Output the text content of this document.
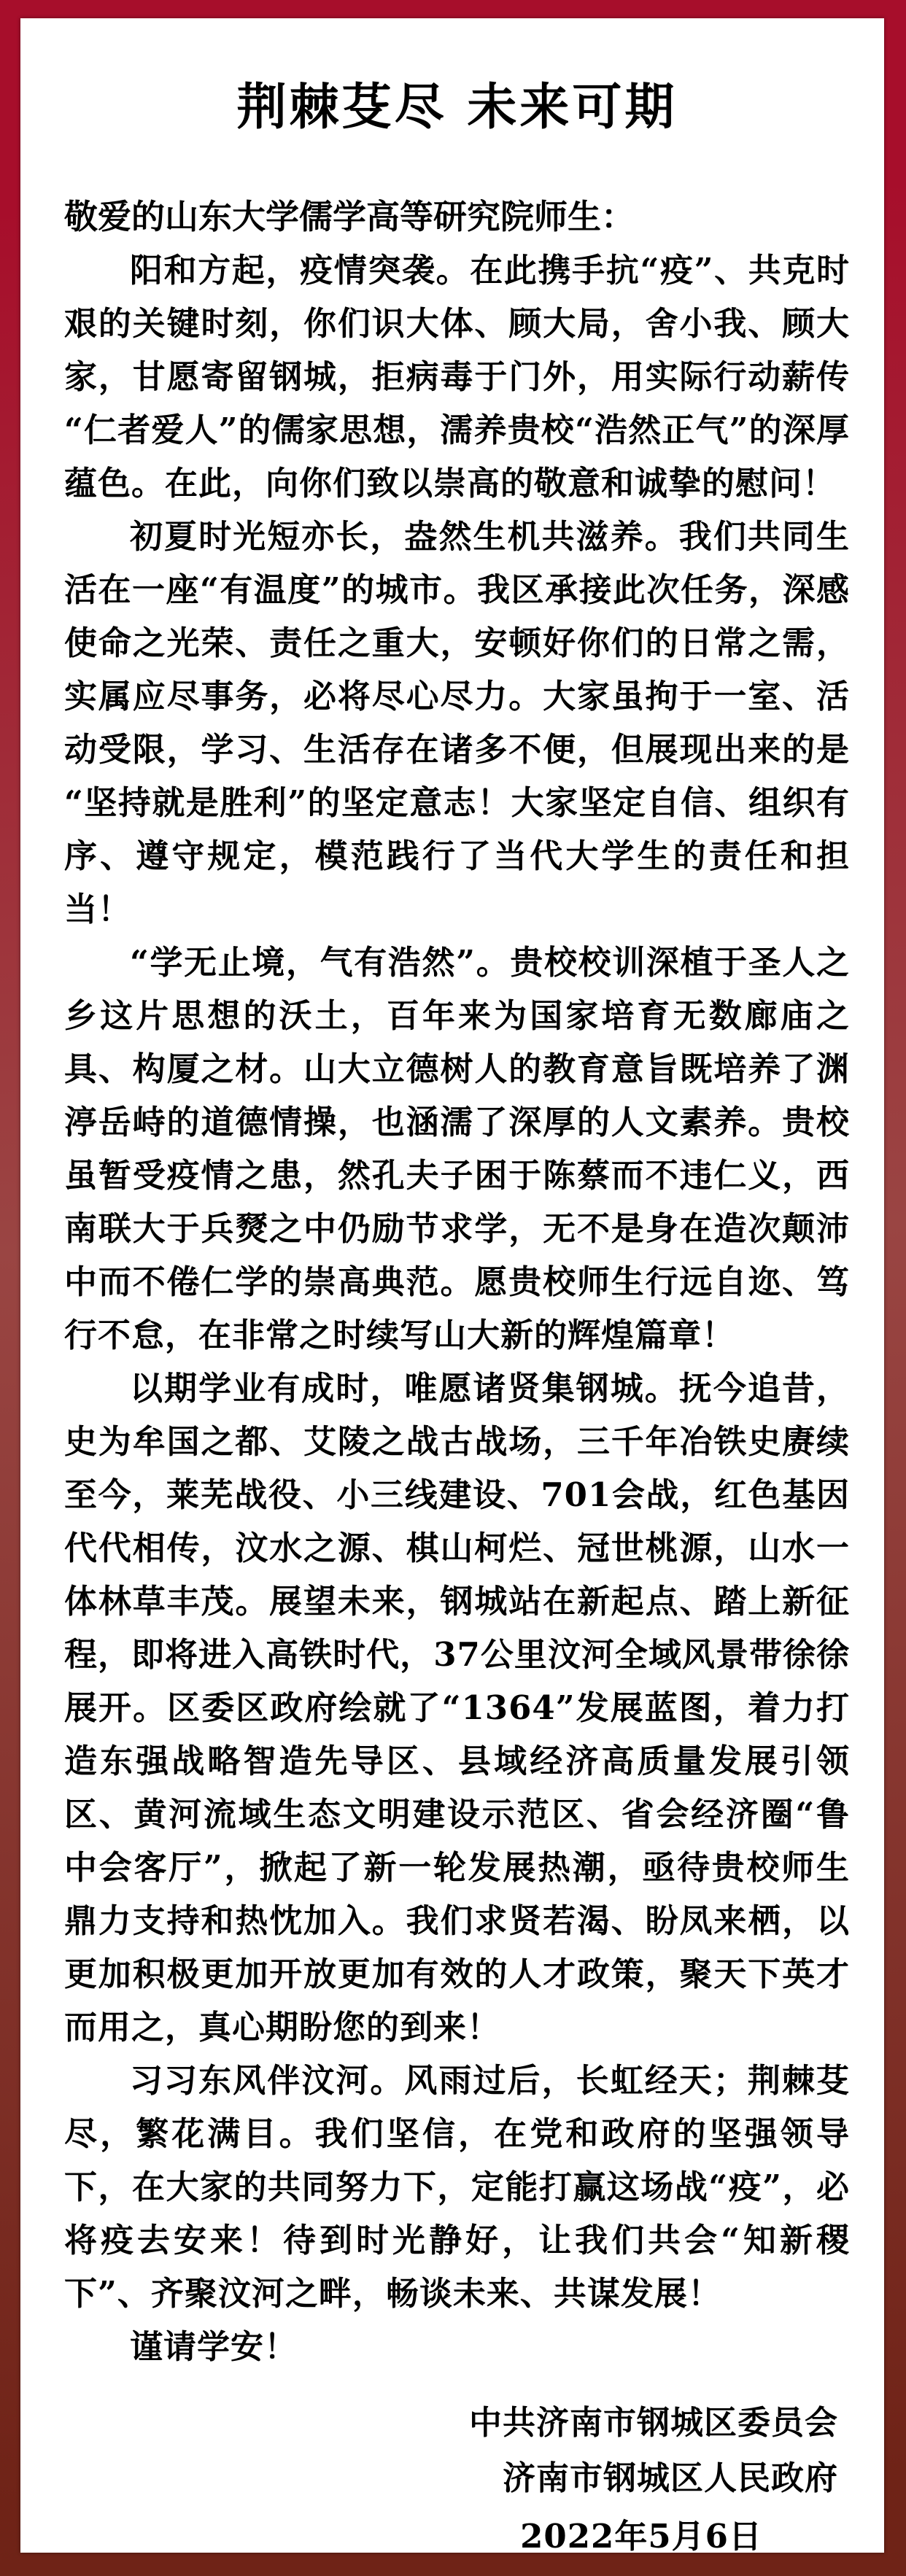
荆棘芟尽 未来可期

敬爱的山东大学儒学高等研究院师生：

阳和方起，疫情突袭。在此携手抗“疫”、共克时艰的关键时刻，你们识大体、顾大局，舍小我、顾大家，甘愿寄留钢城，拒病毒于门外，用实际行动薪传“仁者爱人”的儒家思想，濡养贵校“浩然正气”的深厚蕴色。在此，向你们致以崇高的敬意和诚挚的慰问！

初夏时光短亦长，盎然生机共滋养。我们共同生活在一座“有温度”的城市。我区承接此次任务，深感使命之光荣、责任之重大，安顿好你们的日常之需，实属应尽事务，必将尽心尽力。大家虽拘于一室、活动受限，学习、生活存在诸多不便，但展现出来的是“坚持就是胜利”的坚定意志！大家坚定自信、组织有序、遵守规定，模范践行了当代大学生的责任和担当！

“学无止境，气有浩然”。贵校校训深植于圣人之乡这片思想的沃土，百年来为国家培育无数廊庙之具、构厦之材。山大立德树人的教育意旨既培养了渊渟岳峙的道德情操，也涵濡了深厚的人文素养。贵校虽暂受疫情之患，然孔夫子困于陈蔡而不违仁义，西南联大于兵燹之中仍励节求学，无不是身在造次颠沛中而不倦仁学的崇高典范。愿贵校师生行远自迩、笃行不怠，在非常之时续写山大新的辉煌篇章！

以期学业有成时，唯愿诸贤集钢城。抚今追昔，史为牟国之都、艾陵之战古战场，三千年冶铁史赓续至今，莱芜战役、小三线建设、701会战，红色基因代代相传，汶水之源、棋山柯烂、冠世桃源，山水一体林草丰茂。展望未来，钢城站在新起点、踏上新征程，即将进入高铁时代，37公里汶河全域风景带徐徐展开。区委区政府绘就了“1364”发展蓝图，着力打造东强战略智造先导区、县域经济高质量发展引领区、黄河流域生态文明建设示范区、省会经济圈“鲁中会客厅”，掀起了新一轮发展热潮，亟待贵校师生鼎力支持和热忱加入。我们求贤若渴、盼凤来栖，以更加积极更加开放更加有效的人才政策，聚天下英才而用之，真心期盼您的到来！

习习东风伴汶河。风雨过后，长虹经天；荆棘芟尽，繁花满目。我们坚信，在党和政府的坚强领导下，在大家的共同努力下，定能打赢这场战“疫”，必将疫去安来！待到时光静好，让我们共会“知新稷下”、齐聚汶河之畔，畅谈未来、共谋发展！

谨请学安！

中共济南市钢城区委员会

济南市钢城区人民政府

2022年5月6日
